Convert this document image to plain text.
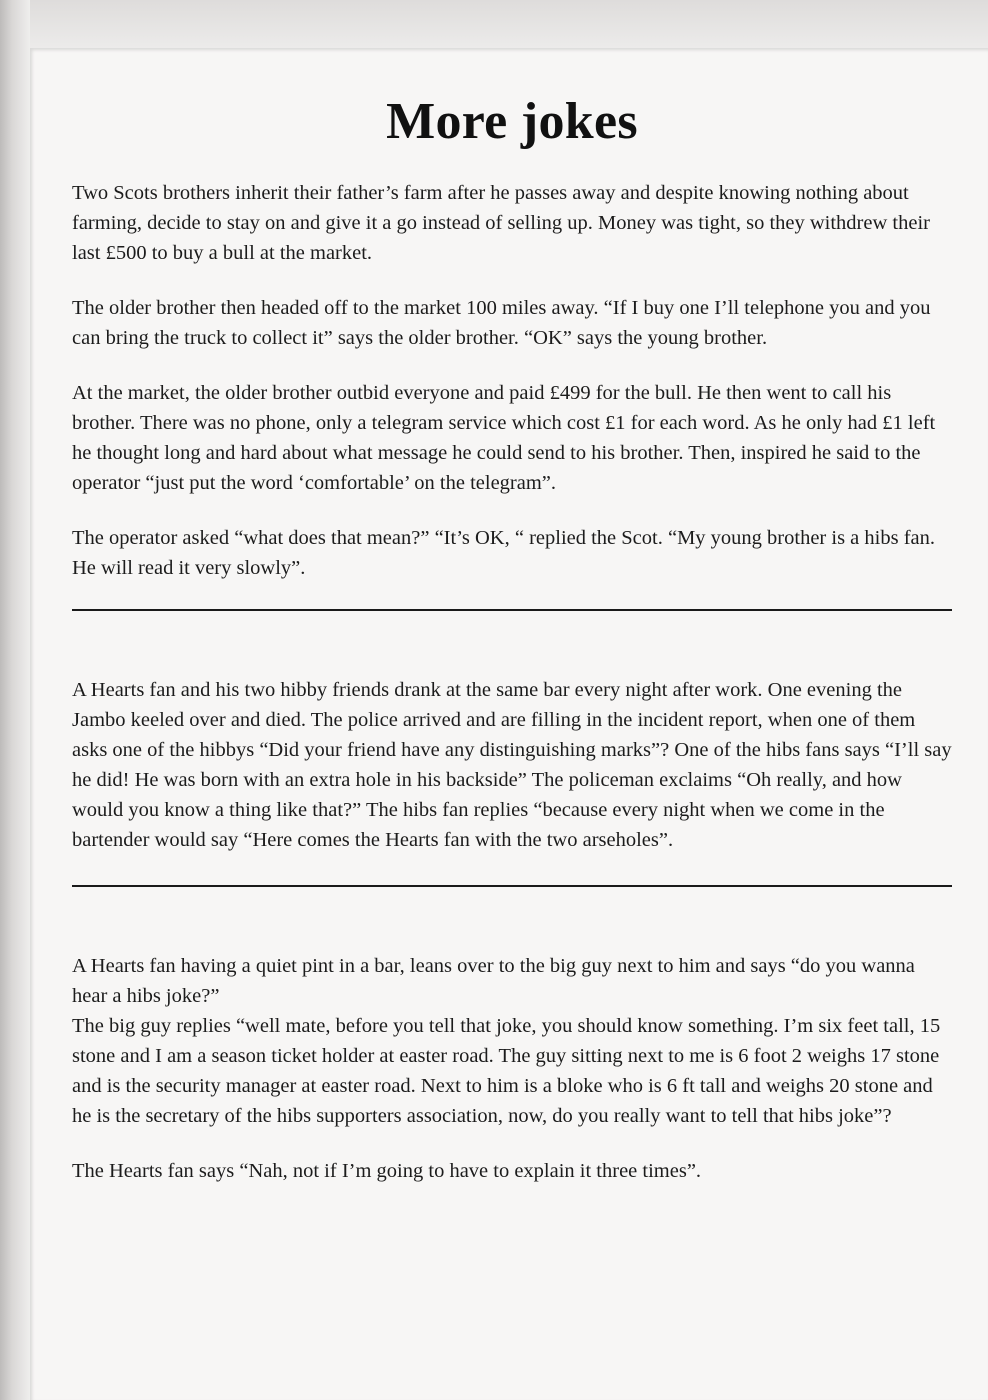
More jokes

Two Scots brothers inherit their father’s farm after he passes away and despite knowing nothing about farming, decide to stay on and give it a go instead of selling up. Money was tight, so they withdrew their last £500 to buy a bull at the market.

The older brother then headed off to the market 100 miles away. “If I buy one I’ll telephone you and you can bring the truck to collect it” says the older brother. “OK” says the young brother.

At the market, the older brother outbid everyone and paid £499 for the bull. He then went to call his brother. There was no phone, only a telegram service which cost £1 for each word. As he only had £1 left he thought long and hard about what message he could send to his brother. Then, inspired he said to the operator “just put the word ‘comfortable’ on the telegram”.

The operator asked “what does that mean?” “It’s OK, “ replied the Scot. “My young brother is a hibs fan. He will read it very slowly”.

A Hearts fan and his two hibby friends drank at the same bar every night after work. One evening the Jambo keeled over and died. The police arrived and are filling in the incident report, when one of them asks one of the hibbys “Did your friend have any distinguishing marks”? One of the hibs fans says “I’ll say he did! He was born with an extra hole in his backside” The policeman exclaims “Oh really, and how would you know a thing like that?” The hibs fan replies “because every night when we come in the bartender would say “Here comes the Hearts fan with the two arseholes”.

A Hearts fan having a quiet pint in a bar, leans over to the big guy next to him and says “do you wanna hear a hibs joke?”

The big guy replies “well mate, before you tell that joke, you should know something. I’m six feet tall, 15 stone and I am a season ticket holder at easter road. The guy sitting next to me is 6 foot 2 weighs 17 stone and is the security manager at easter road. Next to him is a bloke who is 6 ft tall and weighs 20 stone and he is the secretary of the hibs supporters association, now, do you really want to tell that hibs joke”?

The Hearts fan says “Nah, not if I’m going to have to explain it three times”.
